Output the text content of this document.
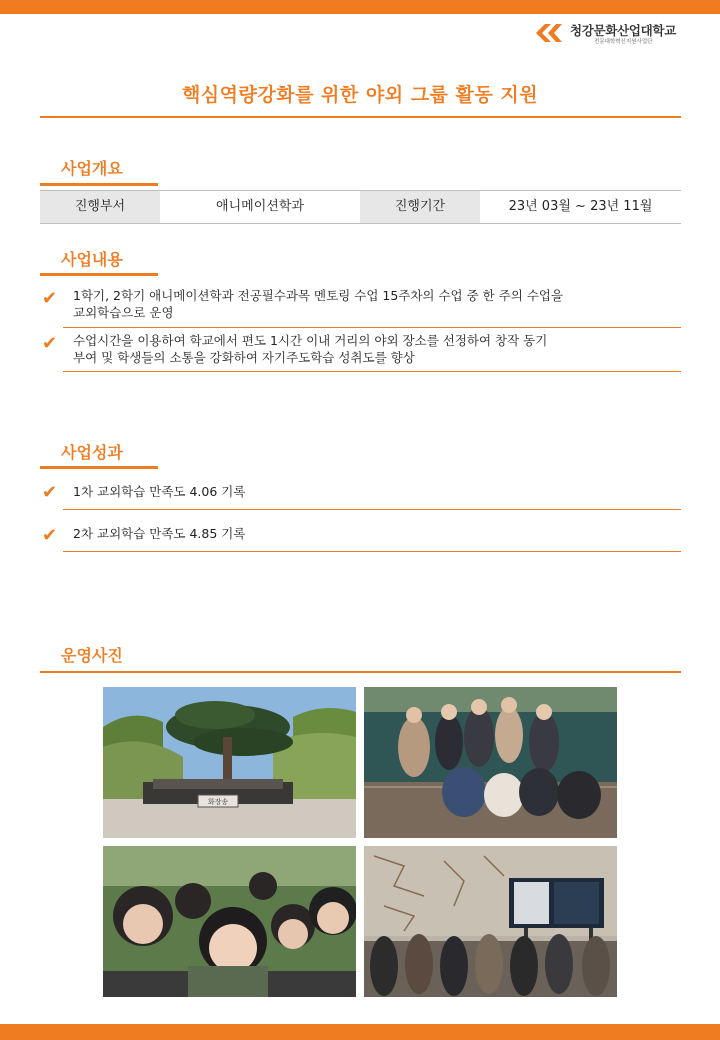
청강문화산업대학교
전문대학혁신지원사업단
핵심역량강화를 위한 야외 그룹 활동 지원
사업개요
진행부서	애니메이션학과	진행기간	23년 03월 ~ 23년 11월
사업내용
✔ 1학기, 2학기 애니메이션학과 전공필수과목 멘토링 수업 15주차의 수업 중 한 주의 수업을
교외학습으로 운영
✔ 수업시간을 이용하여 학교에서 편도 1시간 이내 거리의 야외 장소를 선정하여 창작 동기
부여 및 학생들의 소통을 강화하여 자기주도학습 성취도를 향상
사업성과
✔ 1차 교외학습 만족도 4.06 기록
✔ 2차 교외학습 만족도 4.85 기록
운영사진
화장송
